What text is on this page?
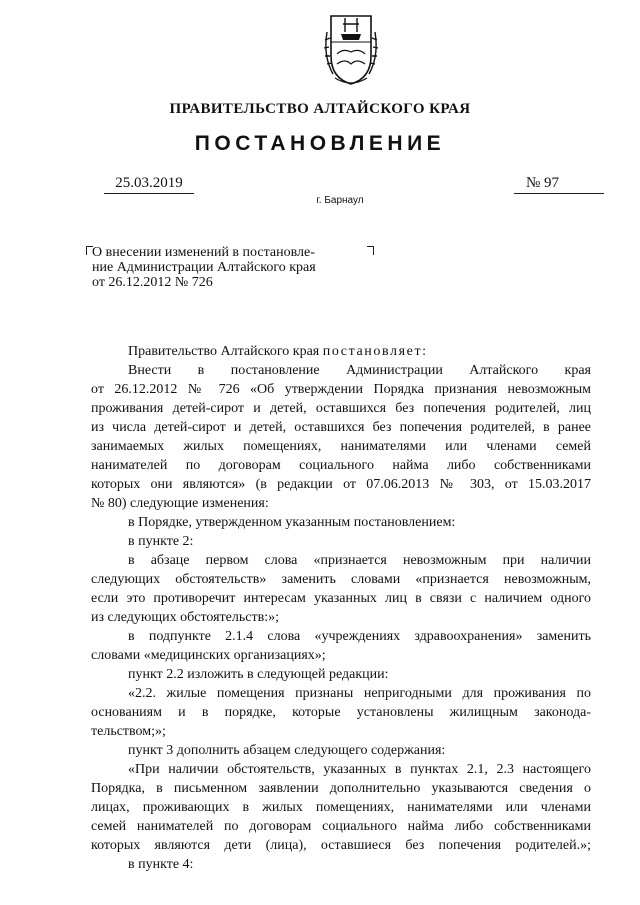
ПРАВИТЕЛЬСТВО АЛТАЙСКОГО КРАЯ
ПОСТАНОВЛЕНИЕ
25.03.2019	№ 97
г. Барнаул
О внесении изменений в постановле-
ние Администрации Алтайского края
от 26.12.2012 № 726
Правительство Алтайского края постановляет:
Внести в постановление Администрации Алтайского края
от 26.12.2012 № 726 «Об утверждении Порядка признания невозможным
проживания детей-сирот и детей, оставшихся без попечения родителей, лиц
из числа детей-сирот и детей, оставшихся без попечения родителей, в ранее
занимаемых жилых помещениях, нанимателями или членами семей
нанимателей по договорам социального найма либо собственниками
которых они являются» (в редакции от 07.06.2013 № 303, от 15.03.2017
№ 80) следующие изменения:
в Порядке, утвержденном указанным постановлением:
в пункте 2:
в абзаце первом слова «признается невозможным при наличии
следующих обстоятельств» заменить словами «признается невозможным,
если это противоречит интересам указанных лиц в связи с наличием одного
из следующих обстоятельств:»;
в подпункте 2.1.4 слова «учреждениях здравоохранения» заменить
словами «медицинских организациях»;
пункт 2.2 изложить в следующей редакции:
«2.2. жилые помещения признаны непригодными для проживания по
основаниям и в порядке, которые установлены жилищным законода-
тельством;»;
пункт 3 дополнить абзацем следующего содержания:
«При наличии обстоятельств, указанных в пунктах 2.1, 2.3 настоящего
Порядка, в письменном заявлении дополнительно указываются сведения о
лицах, проживающих в жилых помещениях, нанимателями или членами
семей нанимателей по договорам социального найма либо собственниками
которых являются дети (лица), оставшиеся без попечения родителей.»;
в пункте 4:
